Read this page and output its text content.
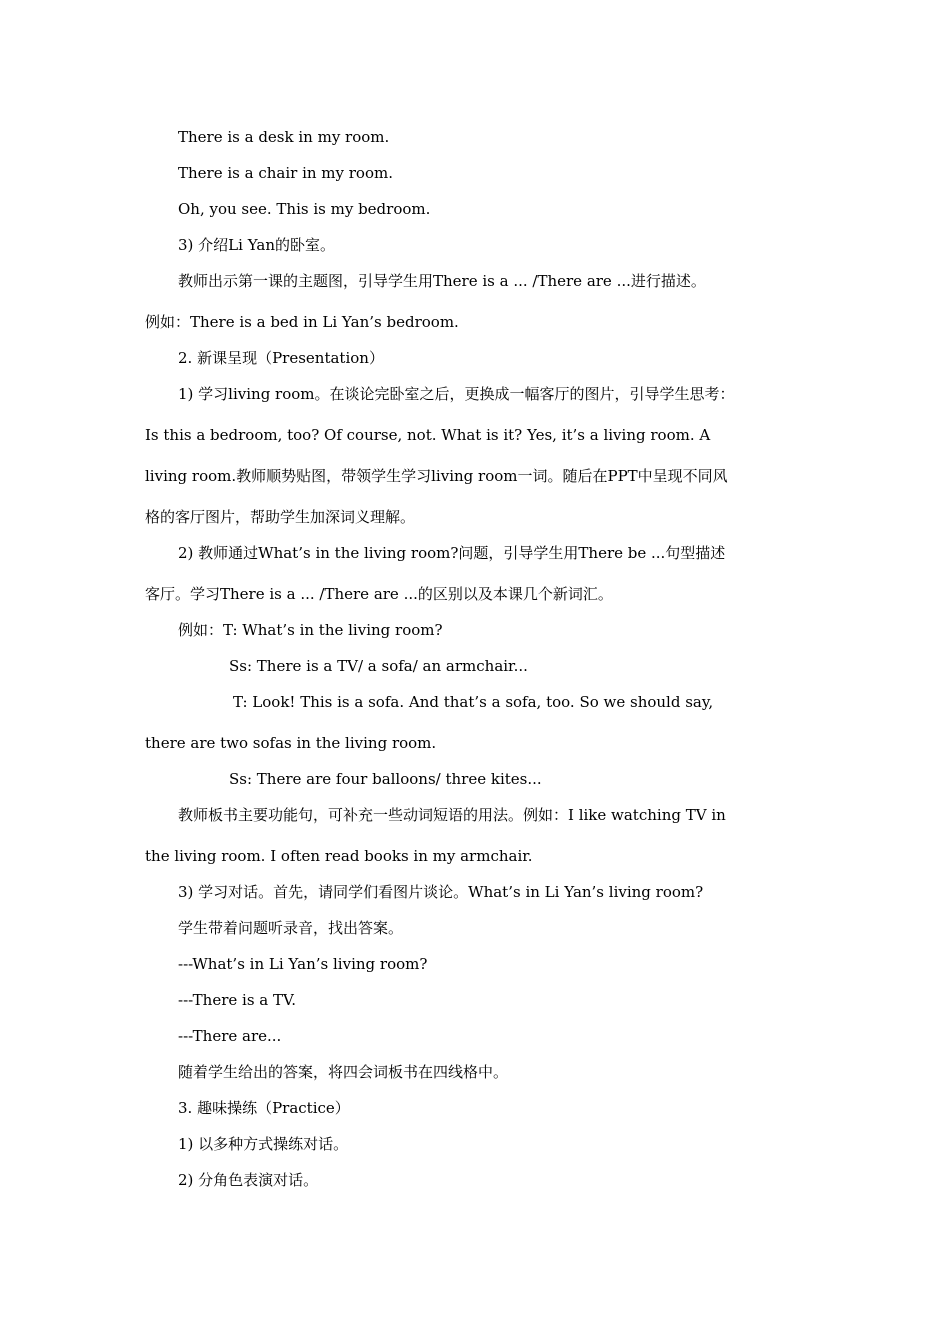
There is a desk in my room.
There is a chair in my room.
Oh, you see. This is my bedroom.
3) 介绍Li Yan的卧室。
教师出示第一课的主题图，引导学生用There is a ... /There are ...进行描述。
例如：There is a bed in Li Yan’s bedroom.
2. 新课呈现（Presentation）
1) 学习living room。在谈论完卧室之后，更换成一幅客厅的图片，引导学生思考：
Is this a bedroom, too? Of course, not. What is it? Yes, it’s a living room. A
living room.教师顺势贴图，带领学生学习living room一词。随后在PPT中呈现不同风
格的客厅图片，帮助学生加深词义理解。
2) 教师通过What’s in the living room?问题，引导学生用There be ...句型描述
客厅。学习There is a ... /There are ...的区别以及本课几个新词汇。
例如：T: What’s in the living room?
Ss: There is a TV/ a sofa/ an armchair...
T: Look! This is a sofa. And that’s a sofa, too. So we should say,
there are two sofas in the living room.
Ss: There are four balloons/ three kites...
教师板书主要功能句，可补充一些动词短语的用法。例如：I like watching TV in
the living room. I often read books in my armchair.
3) 学习对话。首先，请同学们看图片谈论。What’s in Li Yan’s living room?
学生带着问题听录音，找出答案。
---What’s in Li Yan’s living room?
---There is a TV.
---There are...
随着学生给出的答案，将四会词板书在四线格中。
3. 趣味操练（Practice）
1) 以多种方式操练对话。
2) 分角色表演对话。
